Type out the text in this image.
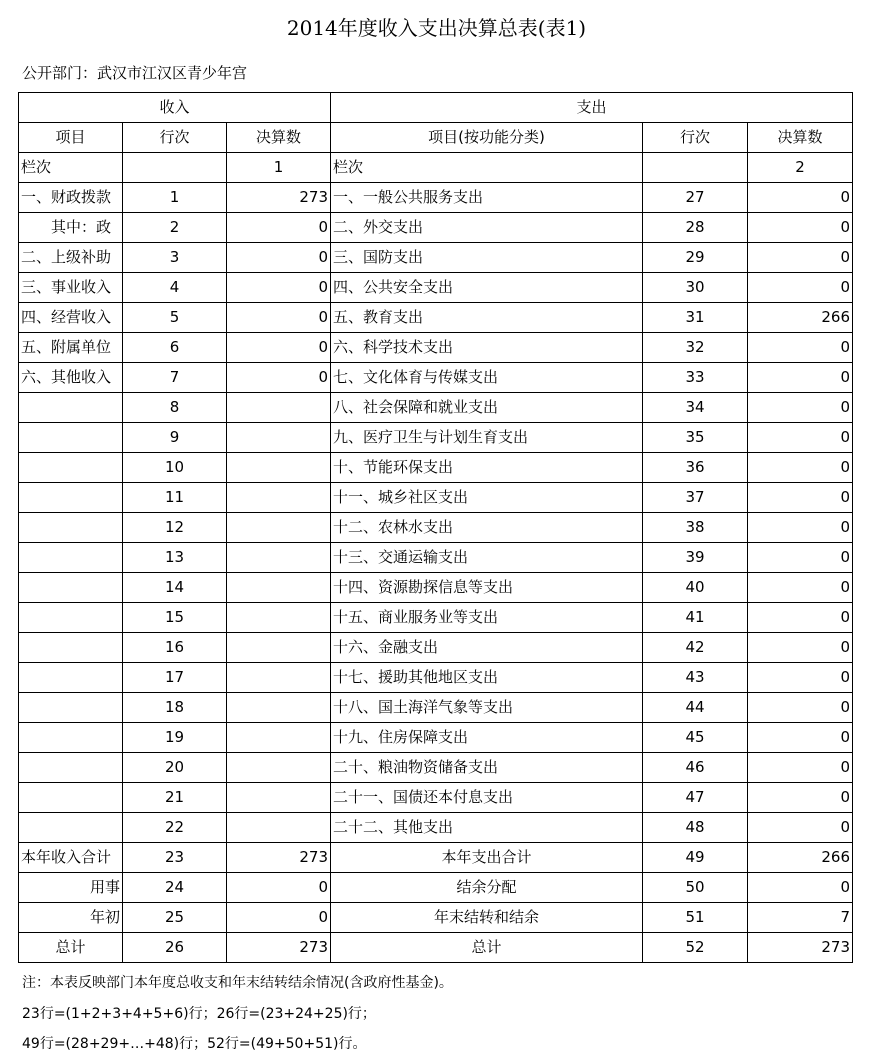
2014年度收入支出决算总表(表1)
公开部门：武汉市江汉区青少年宫
收入			支出		
项目	行次	决算数	项目(按功能分类)	行次	决算数
栏次		1	栏次		2
一、财政拨款	1	273	一、一般公共服务支出	27	0
　　其中：政	2	0	二、外交支出	28	0
二、上级补助	3	0	三、国防支出	29	0
三、事业收入	4	0	四、公共安全支出	30	0
四、经营收入	5	0	五、教育支出	31	266
五、附属单位	6	0	六、科学技术支出	32	0
六、其他收入	7	0	七、文化体育与传媒支出	33	0
	8		八、社会保障和就业支出	34	0
	9		九、医疗卫生与计划生育支出	35	0
	10		十、节能环保支出	36	0
	11		十一、城乡社区支出	37	0
	12		十二、农林水支出	38	0
	13		十三、交通运输支出	39	0
	14		十四、资源勘探信息等支出	40	0
	15		十五、商业服务业等支出	41	0
	16		十六、金融支出	42	0
	17		十七、援助其他地区支出	43	0
	18		十八、国土海洋气象等支出	44	0
	19		十九、住房保障支出	45	0
	20		二十、粮油物资储备支出	46	0
	21		二十一、国债还本付息支出	47	0
	22		二十二、其他支出	48	0
本年收入合计	23	273	本年支出合计	49	266
用事	24	0	结余分配	50	0
年初	25	0	年末结转和结余	51	7
总计	26	273	总计	52	273
注：本表反映部门本年度总收支和年末结转结余情况(含政府性基金)。
23行=(1+2+3+4+5+6)行；26行=(23+24+25)行；
49行=(28+29+…+48)行；52行=(49+50+51)行。
